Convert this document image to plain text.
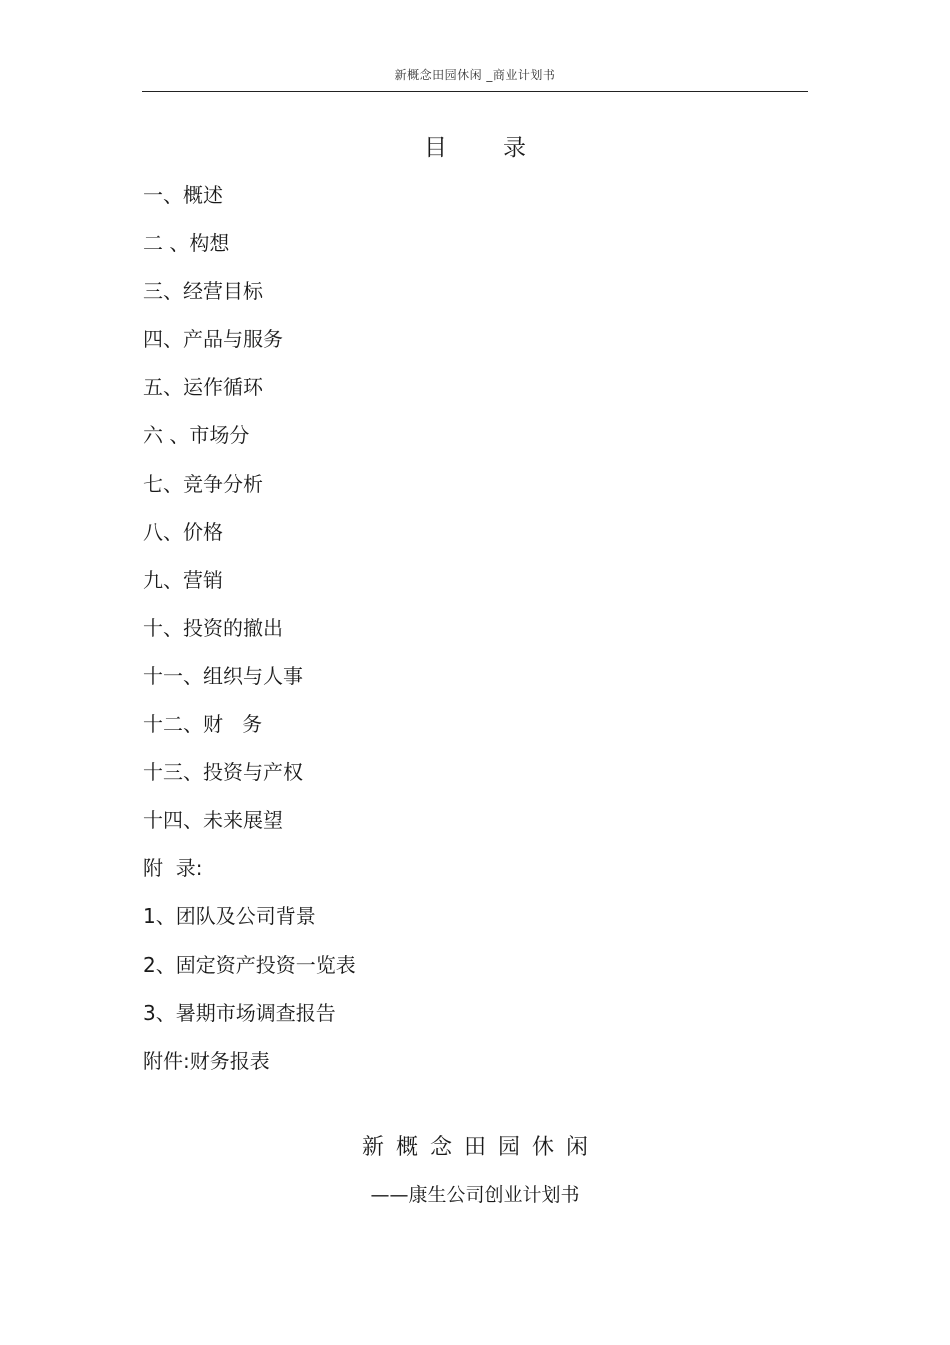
新概念田园休闲 _商业计划书
目录
一、概述
二 、构想
三、经营目标
四、产品与服务
五、运作循环
六 、市场分
七、竞争分析
八、价格
九、营销
十、投资的撤出
十一、组织与人事
十二、财   务
十三、投资与产权
十四、未来展望
附  录:
1、团队及公司背景
2、固定资产投资一览表
3、暑期市场调查报告
附件:财务报表
新概念田园休闲
——康生公司创业计划书
